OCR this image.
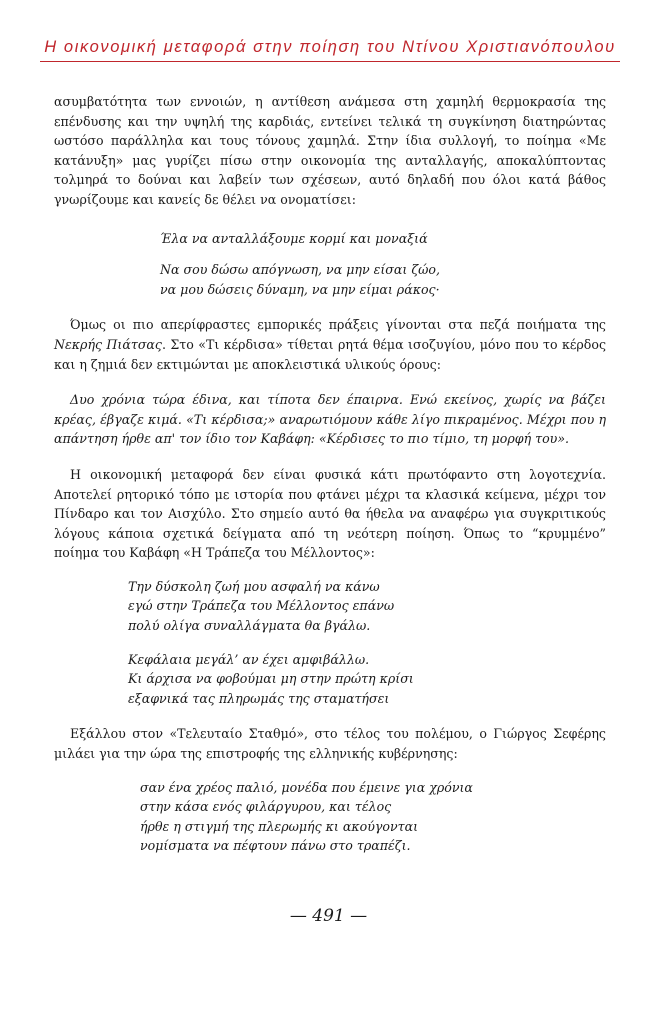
Η οικονομική μεταφορά στην ποίηση του Ντίνου Χριστιανόπουλου

ασυμβατότητα των εννοιών, η αντίθεση ανάμεσα στη χαμηλή θερμοκρασία της επένδυσης και την υψηλή της καρδιάς, εντείνει τελικά τη συγκίνηση διατηρώντας ωστόσο παράλληλα και τους τόνους χαμηλά. Στην ίδια συλλογή, το ποίημα «Με κατάνυξη» μας γυρίζει πίσω στην οικονομία της ανταλλαγής, αποκαλύπτοντας τολμηρά το δούναι και λαβείν των σχέσεων, αυτό δηλαδή που όλοι κατά βάθος γνωρίζουμε και κανείς δε θέλει να ονοματίσει:

Έλα να ανταλλάξουμε κορμί και μοναξιά
Να σου δώσω απόγνωση, να μην είσαι ζώο,
να μου δώσεις δύναμη, να μην είμαι ράκος·

Όμως οι πιο απερίφραστες εμπορικές πράξεις γίνονται στα πεζά ποιήματα της Νεκρής Πιάτσας. Στο «Τι κέρδισα» τίθεται ρητά θέμα ισοζυγίου, μόνο που το κέρδος και η ζημιά δεν εκτιμώνται με αποκλειστικά υλικούς όρους:

Δυο χρόνια τώρα έδινα, και τίποτα δεν έπαιρνα. Ενώ εκείνος, χωρίς να βάζει κρέας, έβγαζε κιμά. «Τι κέρδισα;» αναρωτιόμουν κάθε λίγο πικραμένος. Μέχρι που η απάντηση ήρθε απ' τον ίδιο τον Καβάφη: «Κέρδισες το πιο τίμιο, τη μορφή του».

Η οικονομική μεταφορά δεν είναι φυσικά κάτι πρωτόφαντο στη λογοτεχνία. Αποτελεί ρητορικό τόπο με ιστορία που φτάνει μέχρι τα κλασικά κείμενα, μέχρι τον Πίνδαρο και τον Αισχύλο. Στο σημείο αυτό θα ήθελα να αναφέρω για συγκριτικούς λόγους κάποια σχετικά δείγματα από τη νεότερη ποίηση. Όπως το “κρυμμένο” ποίημα του Καβάφη «Η Τράπεζα του Μέλλοντος»:

Την δύσκολη ζωή μου ασφαλή να κάνω
εγώ στην Τράπεζα του Μέλλοντος επάνω
πολύ ολίγα συναλλάγματα θα βγάλω.
Κεφάλαια μεγάλ’ αν έχει αμφιβάλλω.
Κι άρχισα να φοβούμαι μη στην πρώτη κρίσι
εξαφνικά τας πληρωμάς της σταματήσει

Εξάλλου στον «Τελευταίο Σταθμό», στο τέλος του πολέμου, ο Γιώργος Σεφέρης μιλάει για την ώρα της επιστροφής της ελληνικής κυβέρνησης:

σαν ένα χρέος παλιό, μονέδα που έμεινε για χρόνια
στην κάσα ενός φιλάργυρου, και τέλος
ήρθε η στιγμή της πλερωμής κι ακούγονται
νομίσματα να πέφτουν πάνω στο τραπέζι.
— 491 —
